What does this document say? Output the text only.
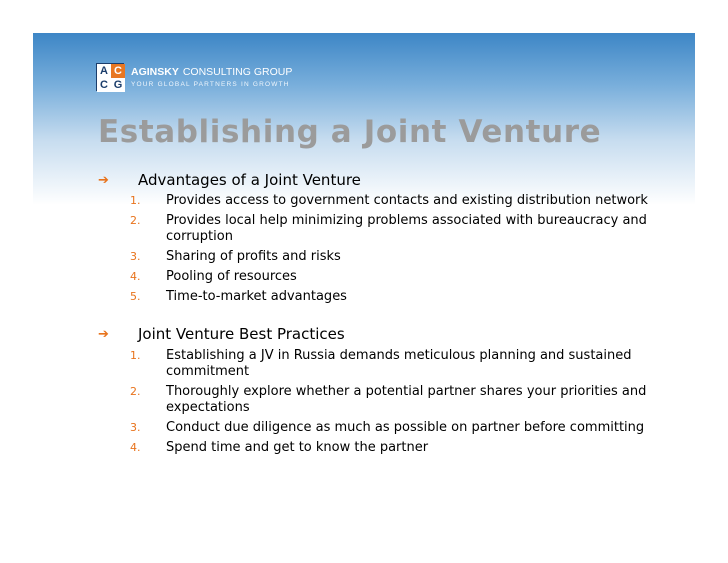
A C
C G
AGINSKY CONSULTING GROUP
YOUR GLOBAL PARTNERS IN GROWTH
Establishing a Joint Venture
➔ Advantages of a Joint Venture
1. Provides access to government contacts and existing distribution network
2. Provides local help minimizing problems associated with bureaucracy and corruption
3. Sharing of profits and risks
4. Pooling of resources
5. Time-to-market advantages
➔ Joint Venture Best Practices
1. Establishing a JV in Russia demands meticulous planning and sustained commitment
2. Thoroughly explore whether a potential partner shares your priorities and expectations
3. Conduct due diligence as much as possible on partner before committing
4. Spend time and get to know the partner
